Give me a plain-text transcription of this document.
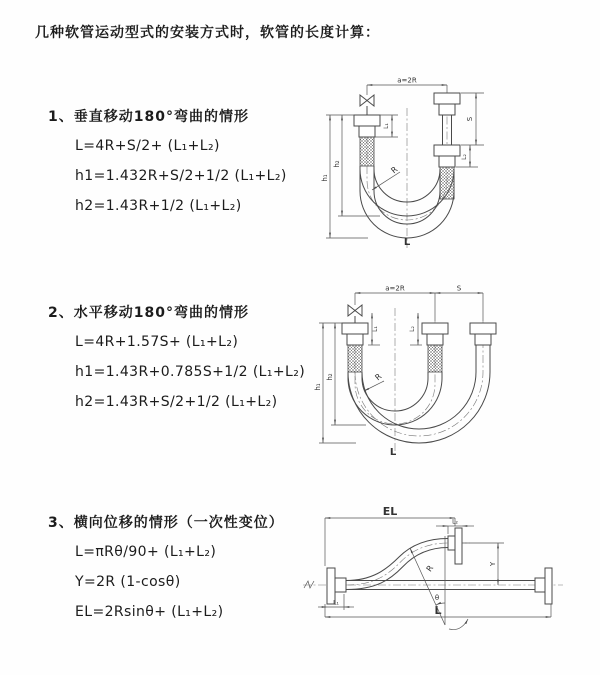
几种软管运动型式的安装方式时，软管的长度计算：

1、垂直移动180°弯曲的情形

L=4R+S/2+ (L₁+L₂)

h1=1.432R+S/2+1/2 (L₁+L₂)

h2=1.43R+1/2 (L₁+L₂)

2、水平移动180°弯曲的情形

L=4R+1.57S+ (L₁+L₂)

h1=1.43R+0.785S+1/2 (L₁+L₂)

h2=1.43R+S/2+1/2 (L₁+L₂)

3、横向位移的情形（一次性变位）

L=πRθ/90+ (L₁+L₂)

Y=2R (1-cosθ)

EL=2Rsinθ+ (L₁+L₂)

a=2R
S
L₂
h₁
h₂
L₁
R
L
a=2R	S
h₁
h₂
L₁	L₂
R
L
EL
L₂
Y
L
L₁
R
θ
